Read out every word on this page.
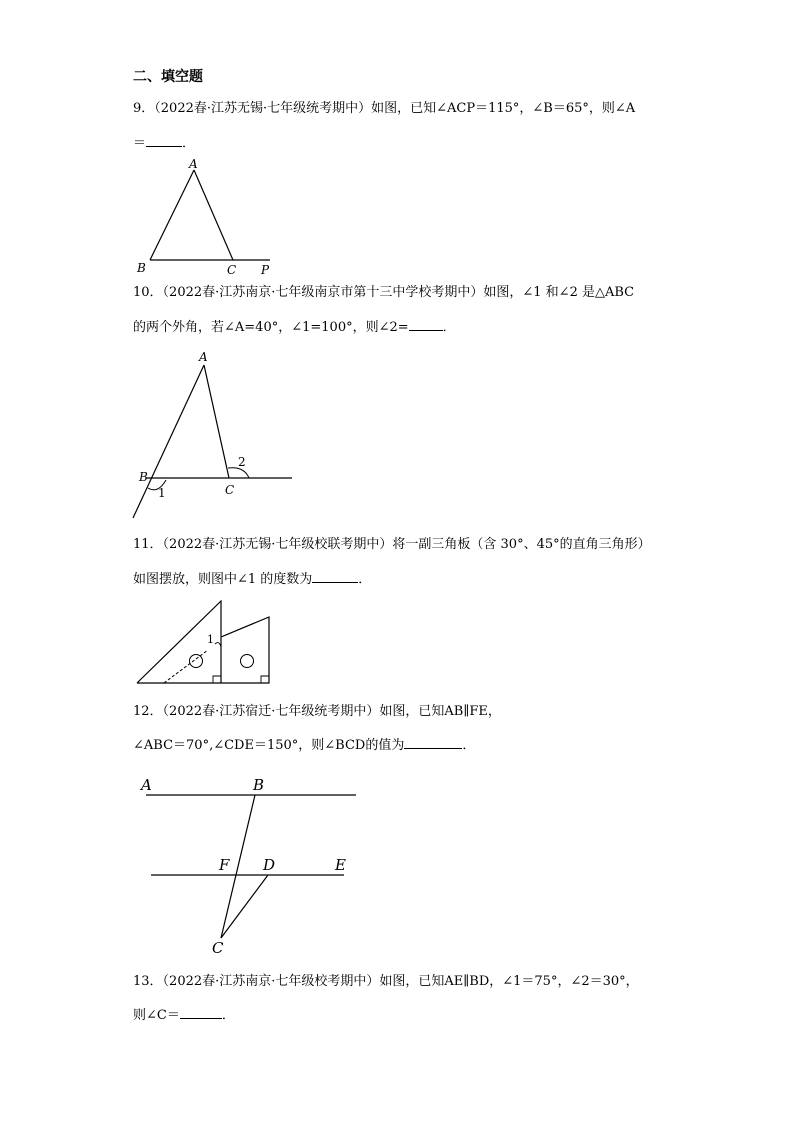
二、填空题
9．（2022春·江苏无锡·七年级统考期中）如图，已知∠ACP＝115°，∠B＝65°，则∠A
＝	．
A
B	C P
10．（2022春·江苏南京·七年级南京市第十三中学校考期中）如图，∠1 和∠2 是△ABC
的两个外角，若∠A=40°，∠1=100°，则∠2=	．
A
B
C
1
2
11．（2022春·江苏无锡·七年级校联考期中）将一副三角板（含 30°、45°的直角三角形）
如图摆放，则图中∠1 的度数为	．
1
12．（2022春·江苏宿迁·七年级统考期中）如图，已知AB∥FE，
∠ABC＝70°,∠CDE＝150°，则∠BCD的值为	．
A	B
F D	E
C
13．（2022春·江苏南京·七年级校考期中）如图，已知AE∥BD，∠1＝75°，∠2＝30°，
则∠C＝	．
